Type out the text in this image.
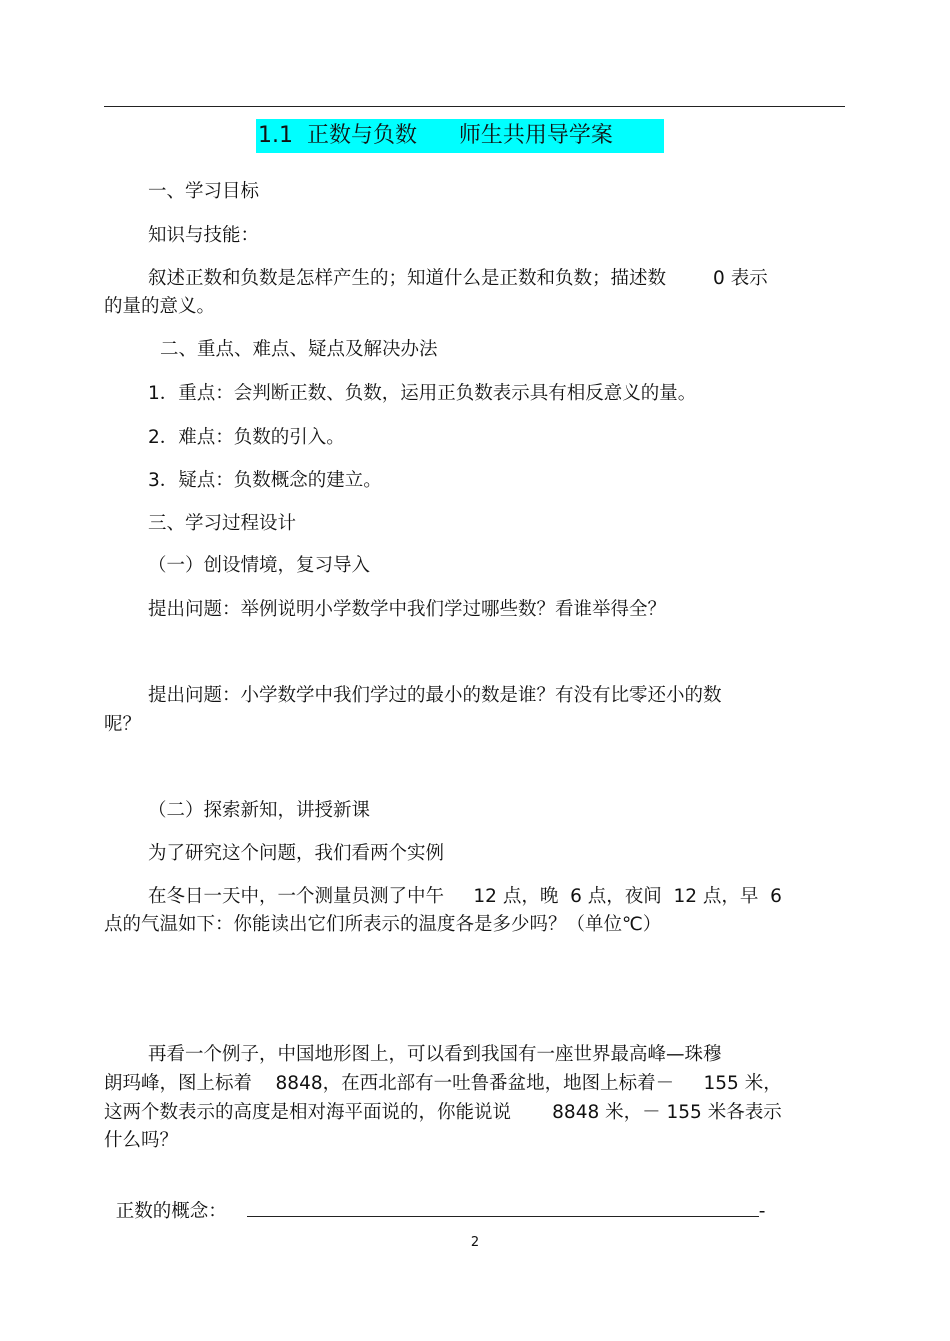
1.1  正数与负数      师生共用导学案
一、学习目标
知识与技能：
叙述正数和负数是怎样产生的；知道什么是正数和负数；描述数        0 表示
的量的意义。
二、重点、难点、疑点及解决办法
1．重点：会判断正数、负数，运用正负数表示具有相反意义的量。
2．难点：负数的引入。
3．疑点：负数概念的建立。
三、学习过程设计
（一）创设情境，复习导入
提出问题：举例说明小学数学中我们学过哪些数？看谁举得全？
提出问题：小学数学中我们学过的最小的数是谁？有没有比零还小的数
呢？
（二）探索新知，讲授新课
为了研究这个问题，我们看两个实例
在冬日一天中，一个测量员测了中午     12 点，晚  6 点，夜间  12 点，早  6
点的气温如下：你能读出它们所表示的温度各是多少吗？（单位℃）
再看一个例子，中国地形图上，可以看到我国有一座世界最高峰—珠穆
朗玛峰，图上标着    8848，在西北部有一吐鲁番盆地，地图上标着－     155 米，
这两个数表示的高度是相对海平面说的，你能说说       8848 米，－ 155 米各表示
什么吗？

正数的概念：	-

2
